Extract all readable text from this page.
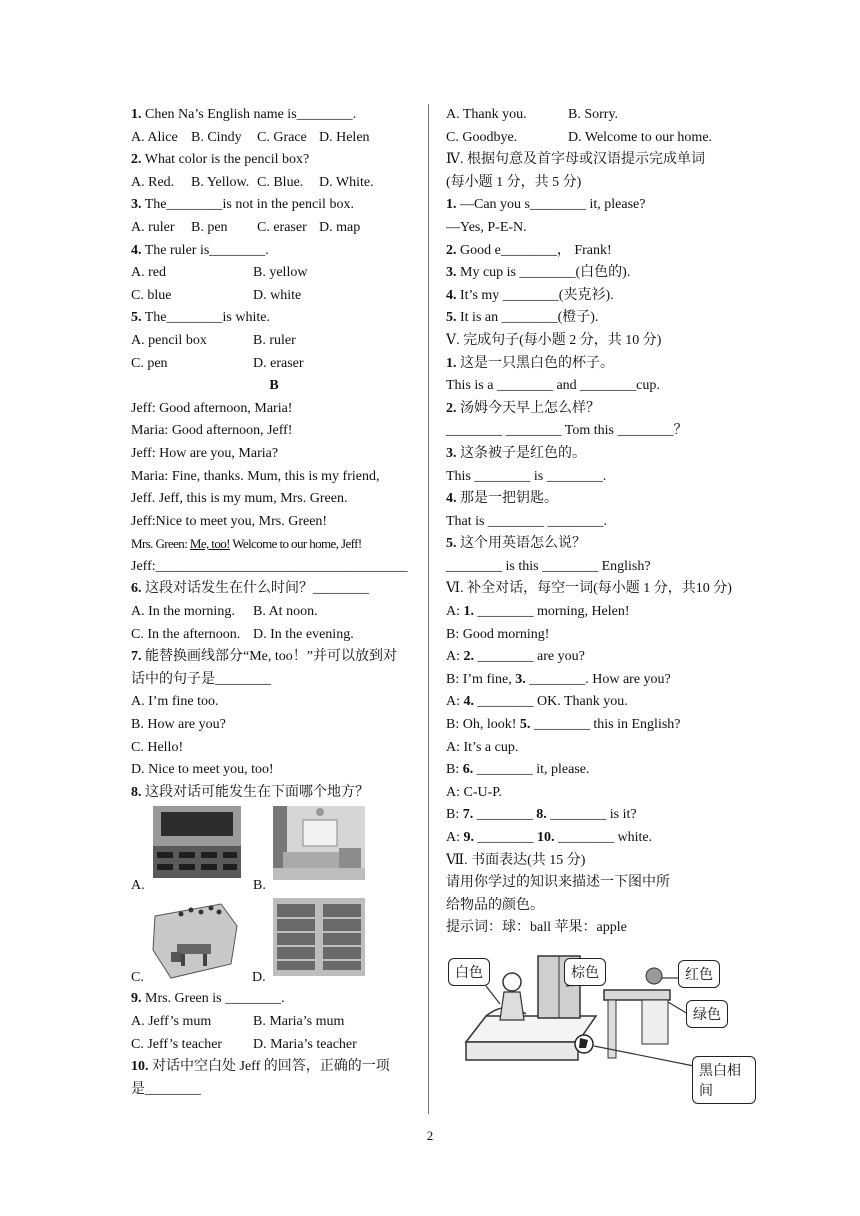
1. Chen Na’s English name is________.
A. Alice B. Cindy C. Grace D. Helen
2. What color is the pencil box?
A. Red. B. Yellow. C. Blue. D. White.
3. The________is not in the pencil box.
A. ruler B. pen C. eraser D. map
4. The ruler is________.
A. red	B. yellow
C. blue	D. white
5. The________is white.
A. pencil box	B. ruler
C. pen	D. eraser
B
Jeff: Good afternoon, Maria!
Maria: Good afternoon, Jeff!
Jeff: How are you, Maria?
Maria: Fine, thanks. Mum, this is my friend,
Jeff. Jeff, this is my mum, Mrs. Green.
Jeff:Nice to meet you, Mrs. Green!
Mrs. Green: Me, too! Welcome to our home, Jeff!
Jeff:____________________________________
6. 这段对话发生在什么时间？________
A. In the morning. B. At noon.
C. In the afternoon. D. In the evening.
7. 能替换画线部分“Me, too！”并可以放到对
话中的句子是________
A. I’m fine too.
B. How are you?
C. Hello!
D. Nice to meet you, too!
8. 这段对话可能发生在下面哪个地方？
A.	B.
C.	D.
9. Mrs. Green is ________.
A. Jeff’s mum	B. Maria’s mum
C. Jeff’s teacher D. Maria’s teacher
10. 对话中空白处 Jeff 的回答，正确的一项
是________
A. Thank you.	B. Sorry.
C. Goodbye.	D. Welcome to our home.
Ⅳ. 根据句意及首字母或汉语提示完成单词
(每小题 1 分，共 5 分)
1. —Can you s________ it, please?
—Yes, P-E-N.
2. Good e________， Frank!
3. My cup is ________(白色的).
4. It’s my ________(夹克衫).
5. It is an ________(橙子).
Ⅴ. 完成句子(每小题 2 分，共 10 分)
1. 这是一只黑白色的杯子。
This is a ________ and ________cup.
2. 汤姆今天早上怎么样？
________ ________ Tom this ________？
3. 这条被子是红色的。
This ________ is ________.
4. 那是一把钥匙。
That is ________ ________.
5. 这个用英语怎么说？
________ is this ________ English?
Ⅵ. 补全对话，每空一词(每小题 1 分，共10 分)
A: 1. ________ morning, Helen!
B: Good morning!
A: 2. ________ are you?
B: I’m fine, 3. ________. How are you?
A: 4. ________ OK. Thank you.
B: Oh, look! 5. ________ this in English?
A: It’s a cup.
B: 6. ________ it, please.
A: C-U-P.
B: 7. ________ 8. ________ is it?
A: 9. ________ 10. ________ white.
Ⅶ. 书面表达(共 15 分)
请用你学过的知识来描述一下图中所
给物品的颜色。
提示词：球：ball 苹果：apple
白色	棕色	红色
绿色
黑白相间
2
